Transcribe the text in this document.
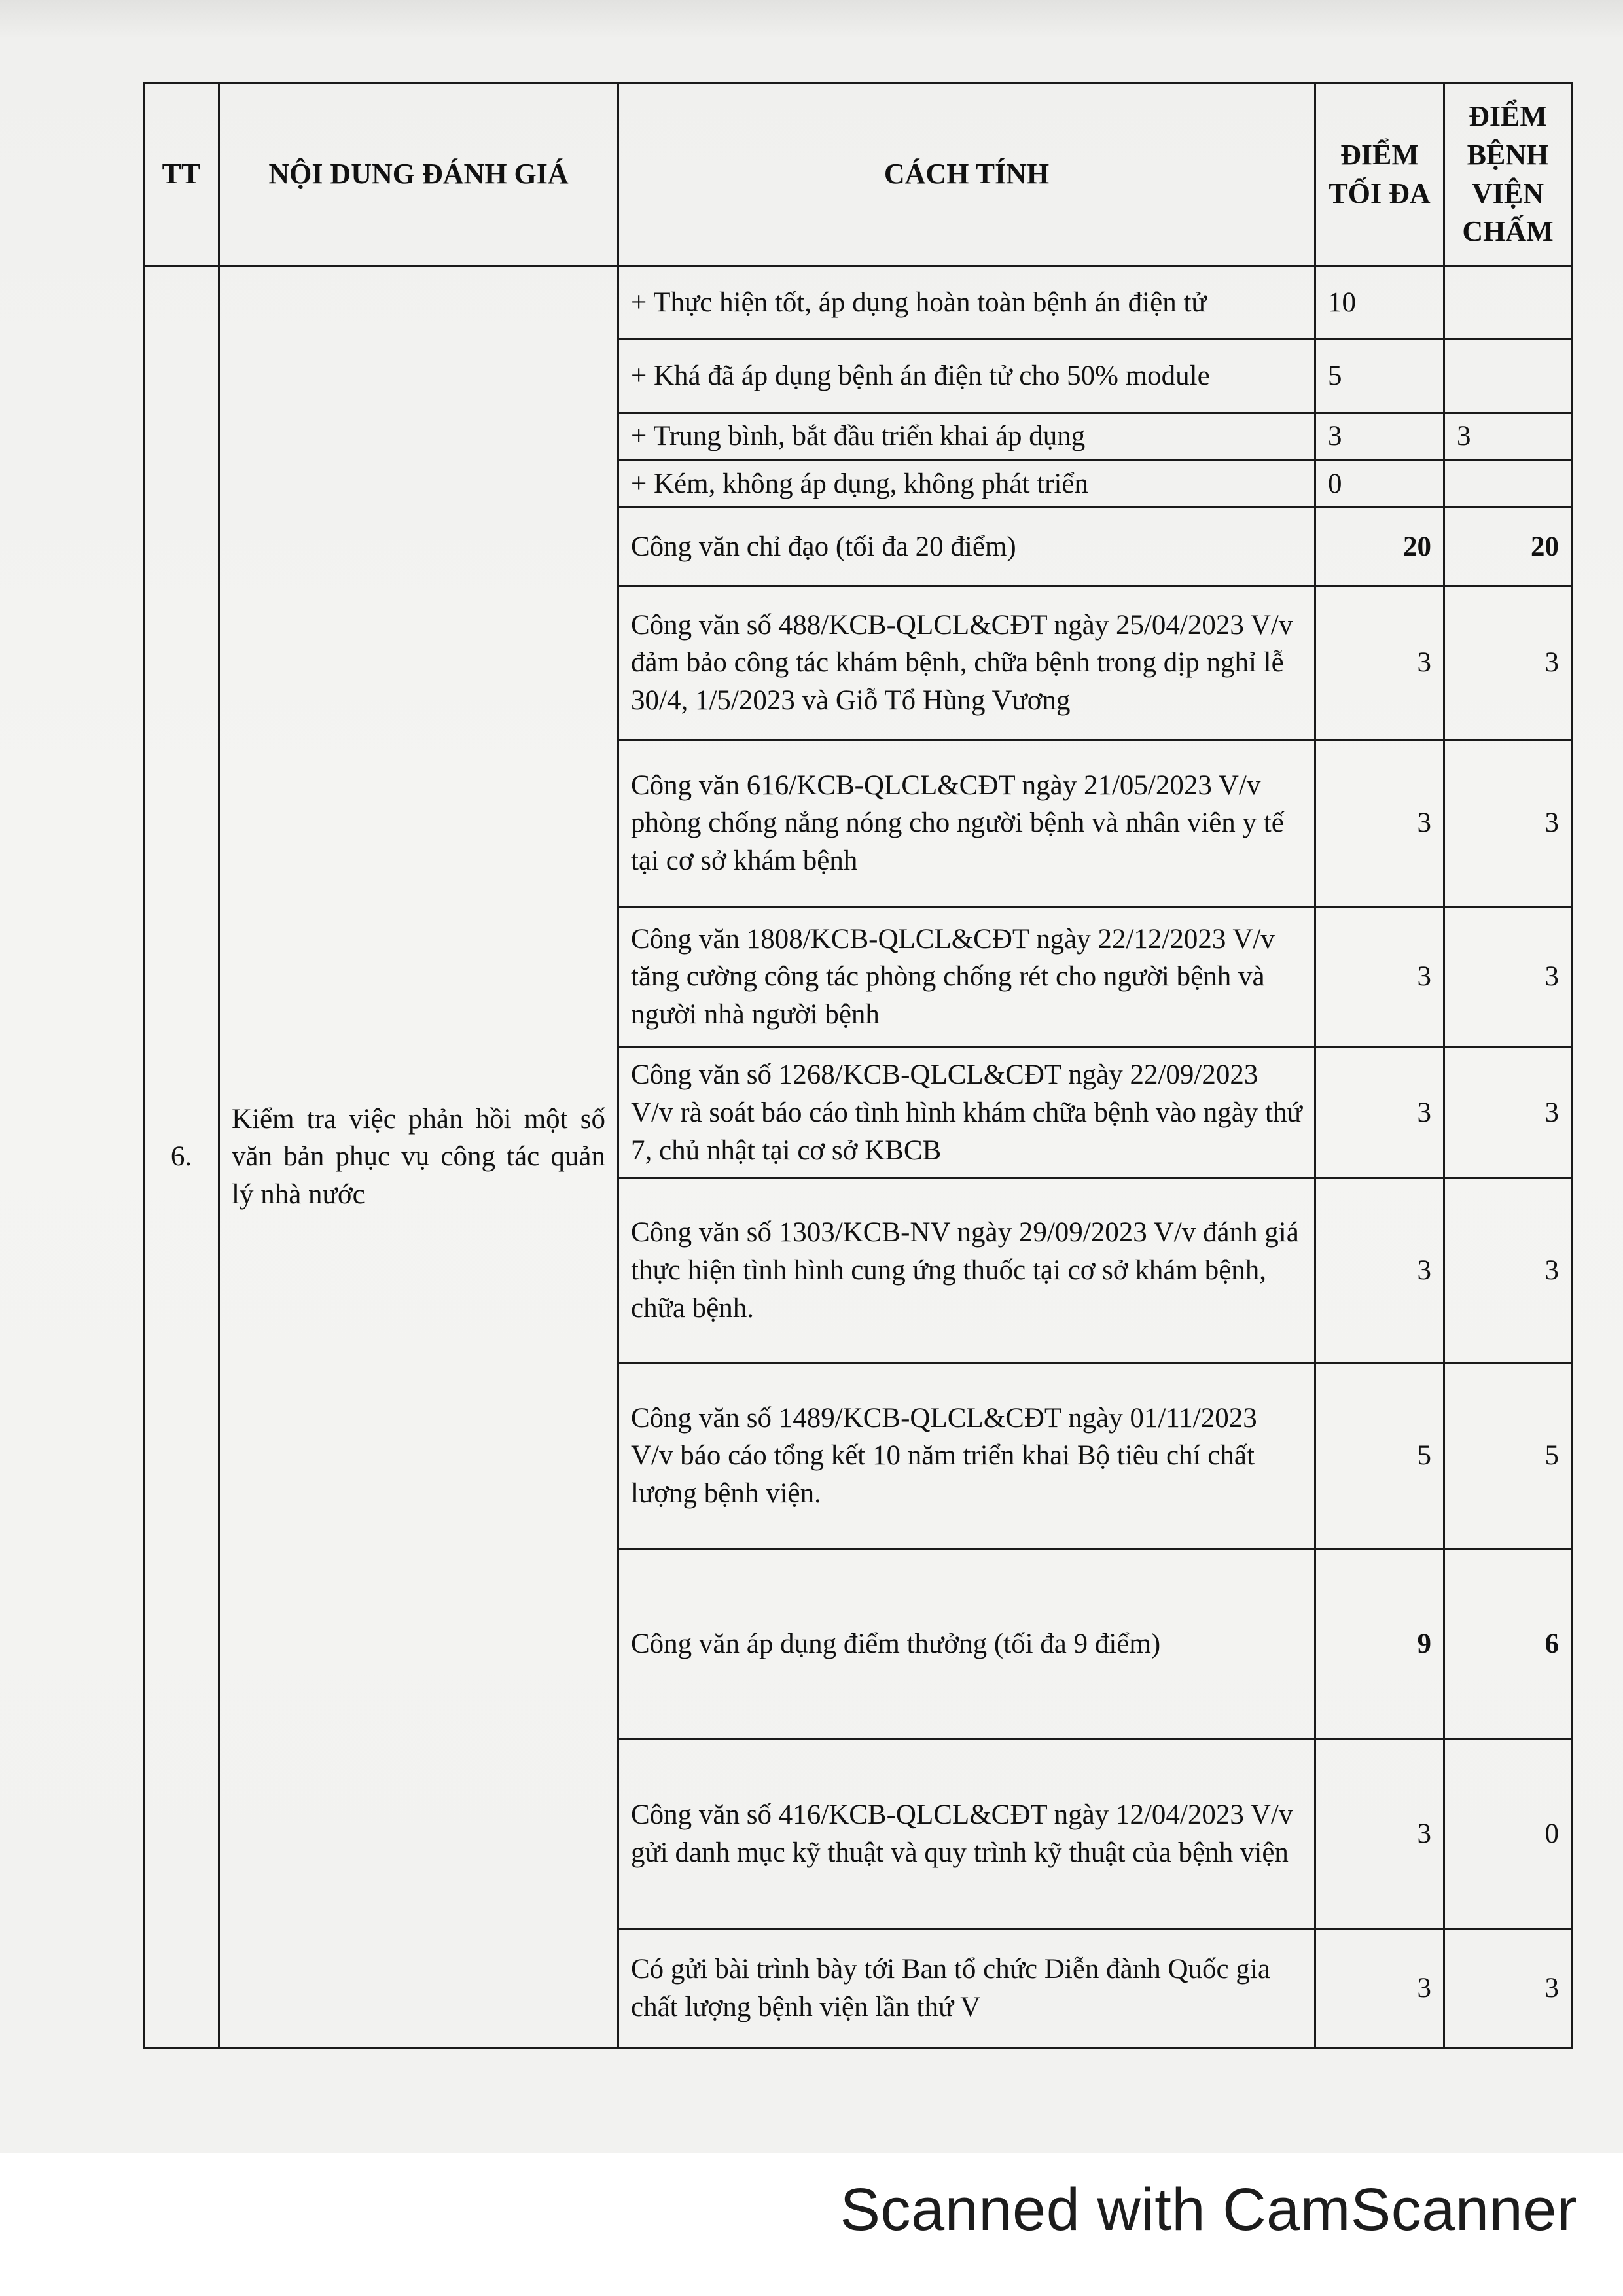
TT	NỘI DUNG ĐÁNH GIÁ	CÁCH TÍNH	ĐIỂM TỐI ĐA	ĐIỂM BỆNH VIỆN CHẤM
6.	Kiểm tra việc phản hồi một số văn bản phục vụ công tác quản lý nhà nước	+ Thực hiện tốt, áp dụng hoàn toàn bệnh án điện tử	10	
		+ Khá đã áp dụng bệnh án điện tử cho 50% module	5	
		+ Trung bình, bắt đầu triển khai áp dụng	3	3
		+ Kém, không áp dụng, không phát triển	0	
		Công văn chỉ đạo (tối đa 20 điểm)	20	20
		Công văn số 488/KCB-QLCL&CĐT ngày 25/04/2023 V/v đảm bảo công tác khám bệnh, chữa bệnh trong dịp nghỉ lễ 30/4, 1/5/2023 và Giỗ Tổ Hùng Vương	3	3
		Công văn 616/KCB-QLCL&CĐT ngày 21/05/2023 V/v phòng chống nắng nóng cho người bệnh và nhân viên y tế tại cơ sở khám bệnh	3	3
		Công văn 1808/KCB-QLCL&CĐT ngày 22/12/2023 V/v tăng cường công tác phòng chống rét cho người bệnh và người nhà người bệnh	3	3
		Công văn số 1268/KCB-QLCL&CĐT ngày 22/09/2023 V/v rà soát báo cáo tình hình khám chữa bệnh vào ngày thứ 7, chủ nhật tại cơ sở KBCB	3	3
		Công văn số 1303/KCB-NV ngày 29/09/2023 V/v đánh giá thực hiện tình hình cung ứng thuốc tại cơ sở khám bệnh, chữa bệnh.	3	3
		Công văn số 1489/KCB-QLCL&CĐT ngày 01/11/2023 V/v báo cáo tổng kết 10 năm triển khai Bộ tiêu chí chất lượng bệnh viện.	5	5
		Công văn áp dụng điểm thưởng (tối đa 9 điểm)	9	6
		Công văn số 416/KCB-QLCL&CĐT ngày 12/04/2023 V/v gửi danh mục kỹ thuật và quy trình kỹ thuật của bệnh viện	3	0
		Có gửi bài trình bày tới Ban tổ chức Diễn đành Quốc gia chất lượng bệnh viện lần thứ V	3	3
Scanned with CamScanner
